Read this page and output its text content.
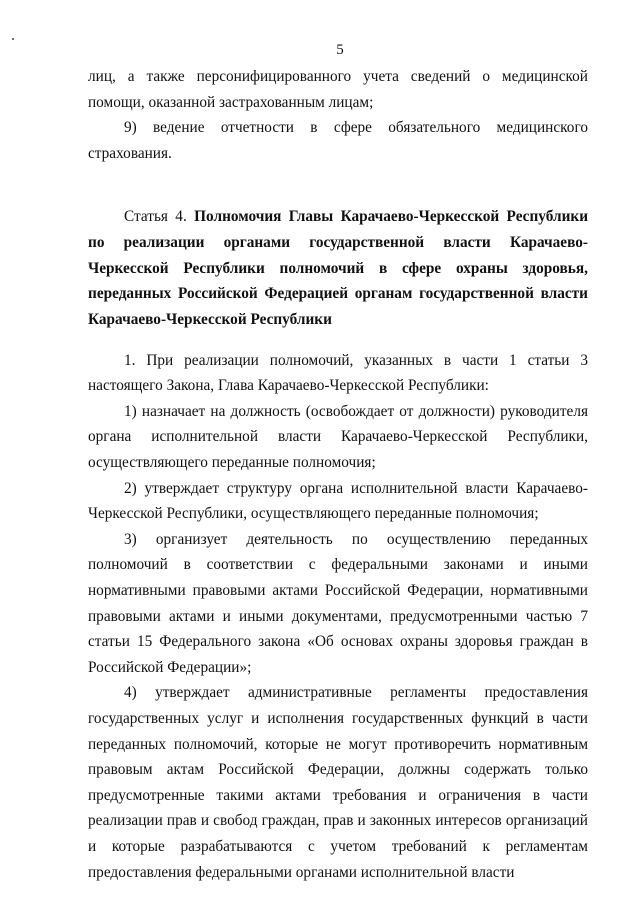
5

лиц, а также персонифицированного учета сведений о медицинской помощи, оказанной застрахованным лицам;

9) ведение отчетности в сфере обязательного медицинского страхования.

Статья 4. Полномочия Главы Карачаево-Черкесской Республики по реализации органами государственной власти Карачаево-Черкесской Республики полномочий в сфере охраны здоровья, переданных Российской Федерацией органам государственной власти Карачаево-Черкесской Республики

1. При реализации полномочий, указанных в части 1 статьи 3 настоящего Закона, Глава Карачаево-Черкесской Республики:

1) назначает на должность (освобождает от должности) руководителя органа исполнительной власти Карачаево-Черкесской Республики, осуществляющего переданные полномочия;

2) утверждает структуру органа исполнительной власти Карачаево-Черкесской Республики, осуществляющего переданные полномочия;

3) организует деятельность по осуществлению переданных полномочий в соответствии с федеральными законами и иными нормативными правовыми актами Российской Федерации, нормативными правовыми актами и иными документами, предусмотренными частью 7 статьи 15 Федерального закона «Об основах охраны здоровья граждан в Российской Федерации»;

4) утверждает административные регламенты предоставления государственных услуг и исполнения государственных функций в части переданных полномочий, которые не могут противоречить нормативным правовым актам Российской Федерации, должны содержать только предусмотренные такими актами требования и ограничения в части реализации прав и свобод граждан, прав и законных интересов организаций и которые разрабатываются с учетом требований к регламентам предоставления федеральными органами исполнительной власти
